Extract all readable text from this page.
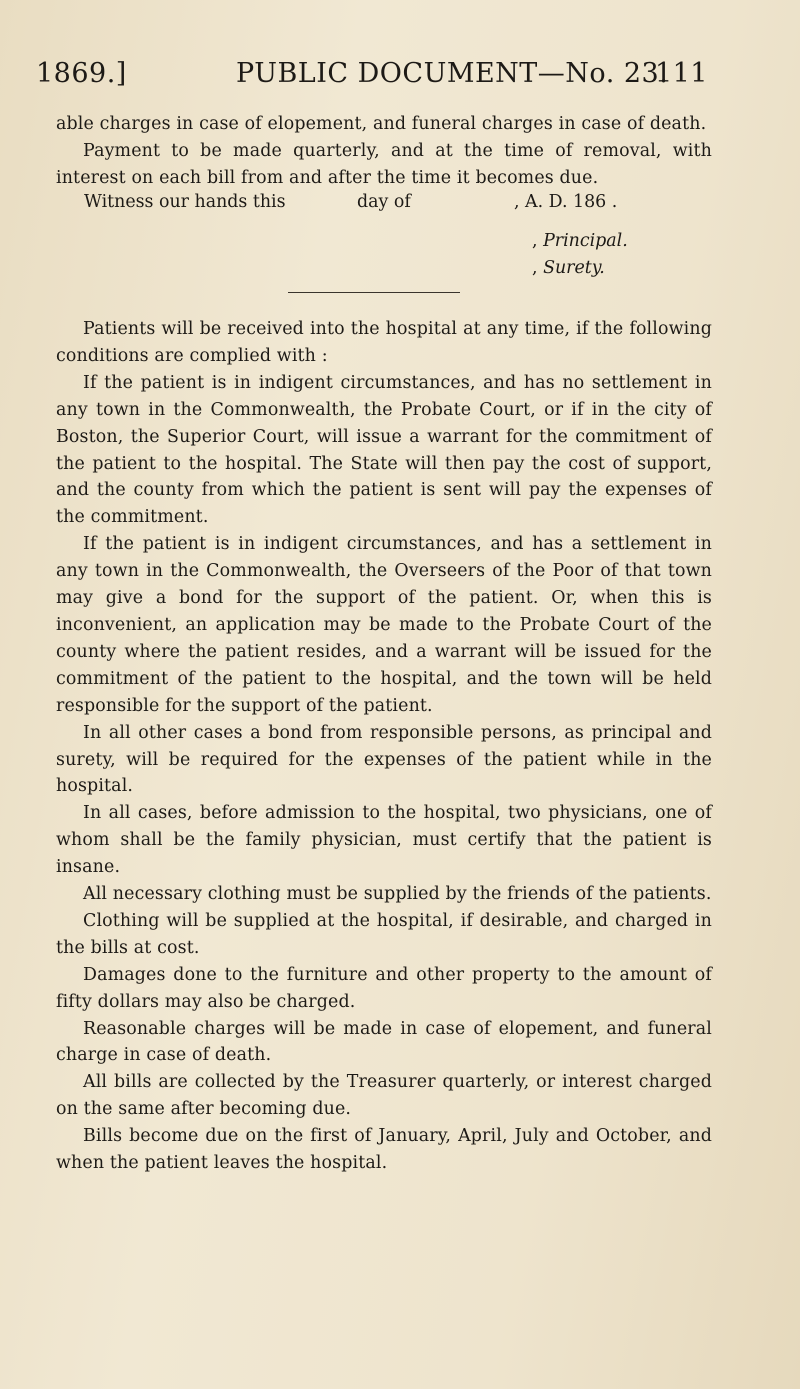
1869.]	PUBLIC DOCUMENT—No. 23.
111

able charges in case of elopement, and funeral charges in case of death.

Payment to be made quarterly, and at the time of removal, with interest on each bill from and after the time it becomes due.

Witness our hands this	day of	, A. D. 186 .
, Principal.
, Surety.

Patients will be received into the hospital at any time, if the following conditions are complied with :

If the patient is in indigent circumstances, and has no settlement in any town in the Commonwealth, the Probate Court, or if in the city of Boston, the Superior Court, will issue a warrant for the commitment of the patient to the hospital. The State will then pay the cost of support, and the county from which the patient is sent will pay the expenses of the commitment.

If the patient is in indigent circumstances, and has a settlement in any town in the Commonwealth, the Overseers of the Poor of that town may give a bond for the support of the patient. Or, when this is inconvenient, an application may be made to the Probate Court of the county where the patient resides, and a warrant will be issued for the commitment of the patient to the hospital, and the town will be held responsible for the support of the patient.

In all other cases a bond from responsible persons, as principal and surety, will be required for the expenses of the patient while in the hospital.

In all cases, before admission to the hospital, two physicians, one of whom shall be the family physician, must certify that the patient is insane.

All necessary clothing must be supplied by the friends of the patients.

Clothing will be supplied at the hospital, if desirable, and charged in the bills at cost.

Damages done to the furniture and other property to the amount of fifty dollars may also be charged.

Reasonable charges will be made in case of elopement, and funeral charge in case of death.

All bills are collected by the Treasurer quarterly, or interest charged on the same after becoming due.

Bills become due on the first of January, April, July and October, and when the patient leaves the hospital.
